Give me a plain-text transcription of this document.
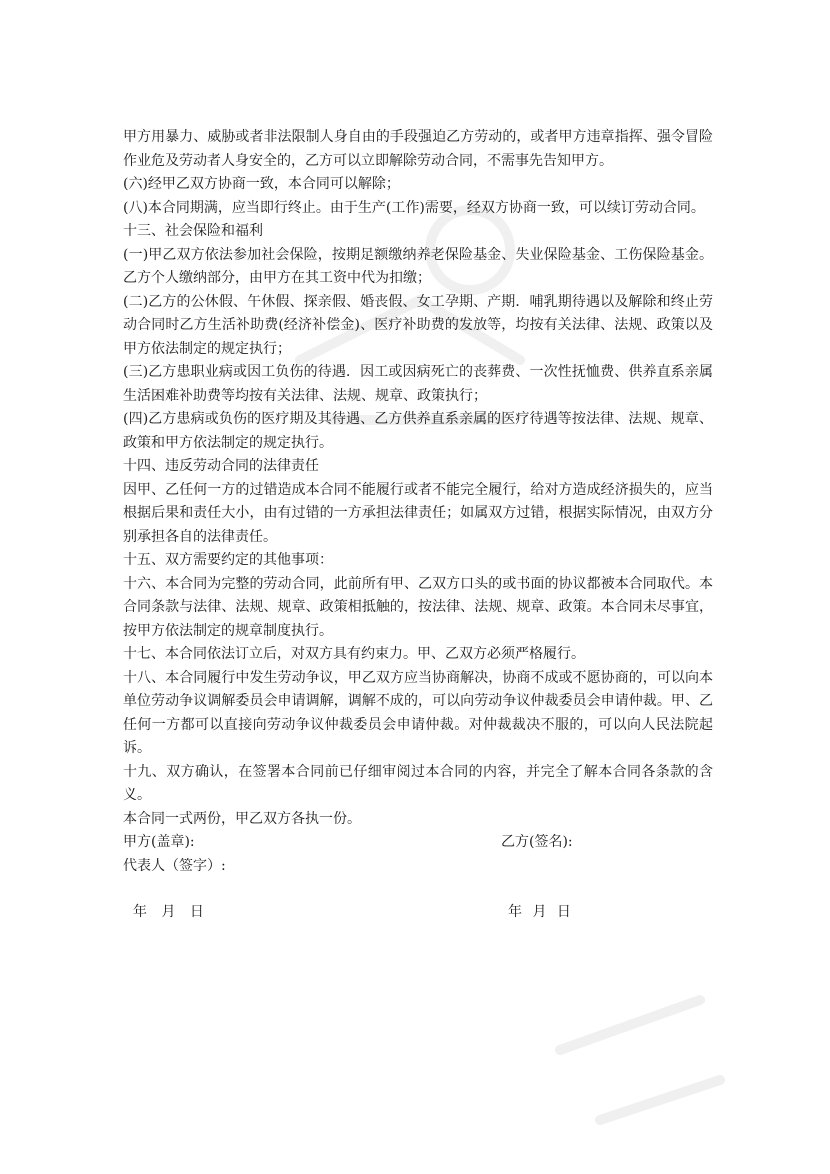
甲方用暴力、威胁或者非法限制人身自由的手段强迫乙方劳动的，或者甲方违章指挥、强令冒险作业危及劳动者人身安全的，乙方可以立即解除劳动合同，不需事先告知甲方。

(六)经甲乙双方协商一致，本合同可以解除；

(八)本合同期满，应当即行终止。由于生产(工作)需要，经双方协商一致，可以续订劳动合同。

十三、社会保险和福利

(一)甲乙双方依法参加社会保险，按期足额缴纳养老保险基金、失业保险基金、工伤保险基金。乙方个人缴纳部分，由甲方在其工资中代为扣缴；

(二)乙方的公休假、午休假、探亲假、婚丧假、女工孕期、产期．哺乳期待遇以及解除和终止劳动合同时乙方生活补助费(经济补偿金)、医疗补助费的发放等，均按有关法律、法规、政策以及甲方依法制定的规定执行；

(三)乙方患职业病或因工负伤的待遇．因工或因病死亡的丧葬费、一次性抚恤费、供养直系亲属生活困难补助费等均按有关法律、法规、规章、政策执行；

(四)乙方患病或负伤的医疗期及其待遇、乙方供养直系亲属的医疗待遇等按法律、法规、规章、政策和甲方依法制定的规定执行。

十四、违反劳动合同的法律责任

因甲、乙任何一方的过错造成本合同不能履行或者不能完全履行，给对方造成经济损失的，应当根据后果和责任大小，由有过错的一方承担法律责任；如属双方过错，根据实际情况，由双方分别承担各自的法律责任。

十五、双方需要约定的其他事项：

十六、本合同为完整的劳动合同，此前所有甲、乙双方口头的或书面的协议都被本合同取代。本合同条款与法律、法规、规章、政策相抵触的，按法律、法规、规章、政策。本合同未尽事宜，按甲方依法制定的规章制度执行。

十七、本合同依法订立后，对双方具有约束力。甲、乙双方必须严格履行。

十八、本合同履行中发生劳动争议，甲乙双方应当协商解决，协商不成或不愿协商的，可以向本单位劳动争议调解委员会申请调解，调解不成的，可以向劳动争议仲裁委员会申请仲裁。甲、乙任何一方都可以直接向劳动争议仲裁委员会申请仲裁。对仲裁裁决不服的，可以向人民法院起诉。

十九、双方确认，在签署本合同前已仔细审阅过本合同的内容，并完全了解本合同各条款的含义。

本合同一式两份，甲乙双方各执一份。

甲方(盖章):	乙方(签名):

代表人（签字）:

年 月 日	年 月 日
